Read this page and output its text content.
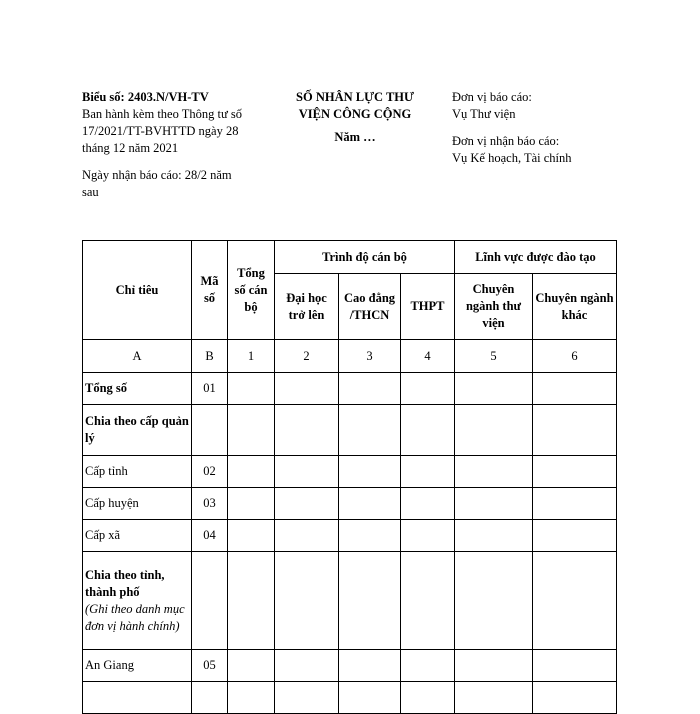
Biểu số: 2403.N/VH-TV
Ban hành kèm theo Thông tư số
17/2021/TT-BVHTTD ngày 28
tháng 12 năm 2021
Ngày nhận báo cáo: 28/2 năm
sau
SỐ NHÂN LỰC THƯ
VIỆN CÔNG CỘNG
Năm …
Đơn vị báo cáo:
Vụ Thư viện
Đơn vị nhận báo cáo:
Vụ Kế hoạch, Tài chính
Chỉ tiêu	Mã số	Tổng số cán bộ	Trình độ cán bộ			Lĩnh vực được đào tạo	
			Đại học trở lên	Cao đẳng /THCN	THPT	Chuyên ngành thư viện	Chuyên ngành khác
A	B	1	2	3	4	5	6
Tổng số	01						
Chia theo cấp quản lý							
Cấp tỉnh	02						
Cấp huyện	03						
Cấp xã	04						

Chia theo tỉnh, thành phố
(Ghi theo danh mục đơn vị hành chính)							

An Giang	05						
